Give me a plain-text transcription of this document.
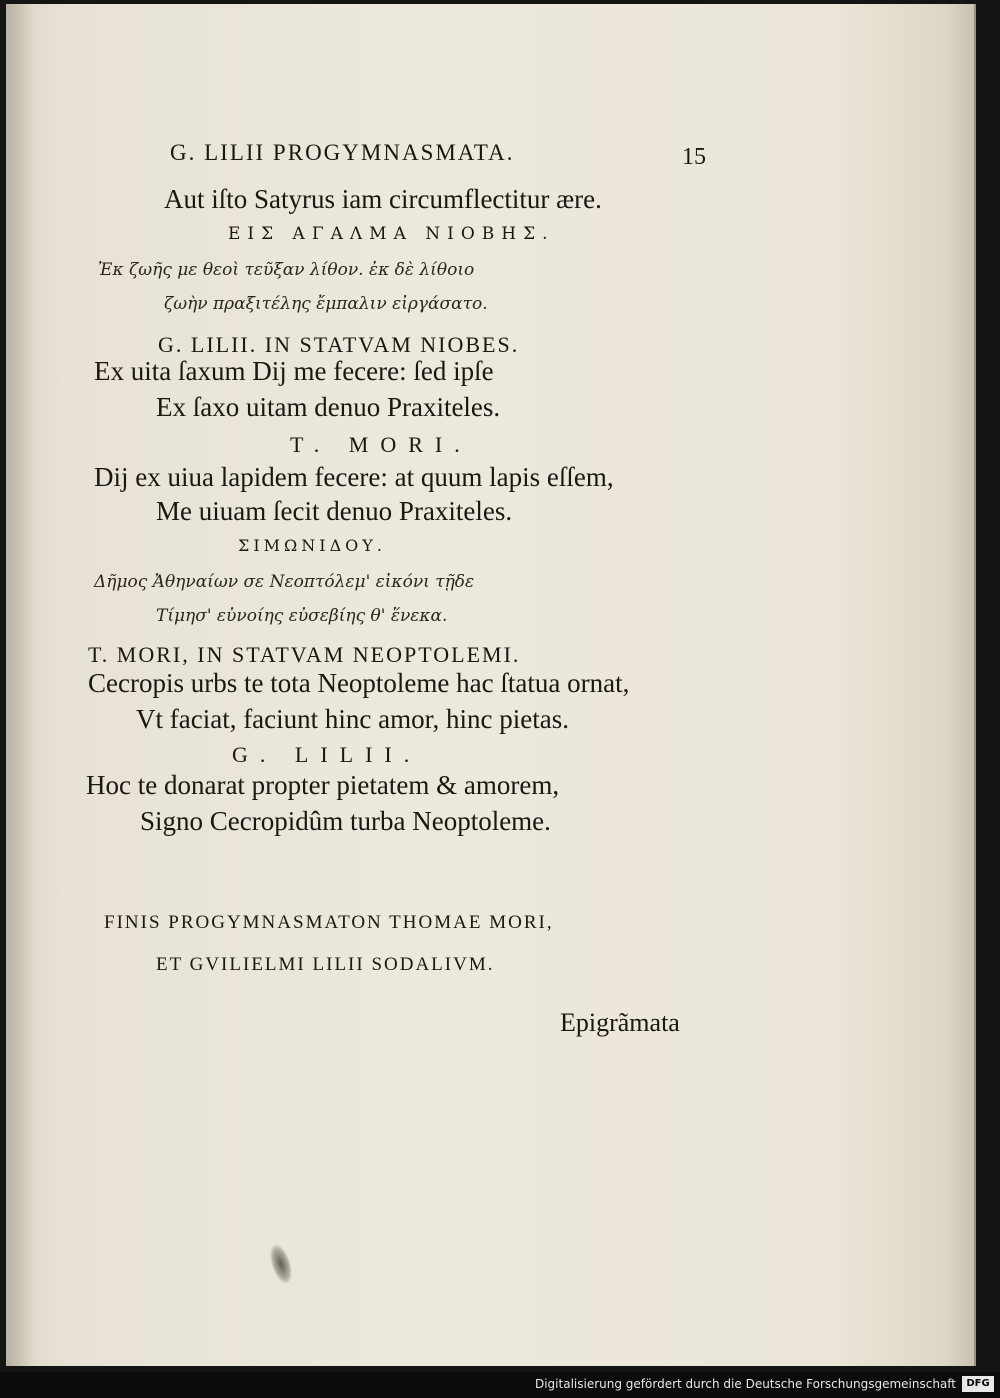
G. LILII PROGYMNASMATA.	15
Aut iſto Satyrus iam circumflectitur ære.
ΕΙΣ ΑΓΑΛΜΑ ΝΙΟΒΗΣ.
Ἐκ ζωῆς με θεοὶ τεῦξαν λίθον. ἐκ δὲ λίθοιο
ζωὴν πραξιτέλης ἔμπαλιν εἰργάσατο.
G. LILII. IN STATVAM NIOBES.
Ex uita ſaxum Dij me fecere: ſed ipſe
Ex ſaxo uitam denuo Praxiteles.
T. MORI.
Dij ex uiua lapidem fecere: at quum lapis eſſem,
Me uiuam ſecit denuo Praxiteles.
ΣΙΜΩΝΙΔΟΥ.
Δῆμος Ἀθηναίων σε Νεοπτόλεμ' εἰκόνι τῇδε
Τίμησ' εὐνοίης εὐσεβίης θ' ἕνεκα.
T. MORI, IN STATVAM NEOPTOLEMI.
Cecropis urbs te tota Neoptoleme hac ſtatua ornat,
Vt faciat, faciunt hinc amor, hinc pietas.
G. LILII.
Hoc te donarat propter pietatem & amorem,
Signo Cecropidûm turba Neoptoleme.
FINIS PROGYMNASMATON THOMAE MORI,
ET GVILIELMI LILII SODALIVM.
Epigrãmata
Digitalisierung gefördert durch die Deutsche Forschungsgemeinschaft	DFG
